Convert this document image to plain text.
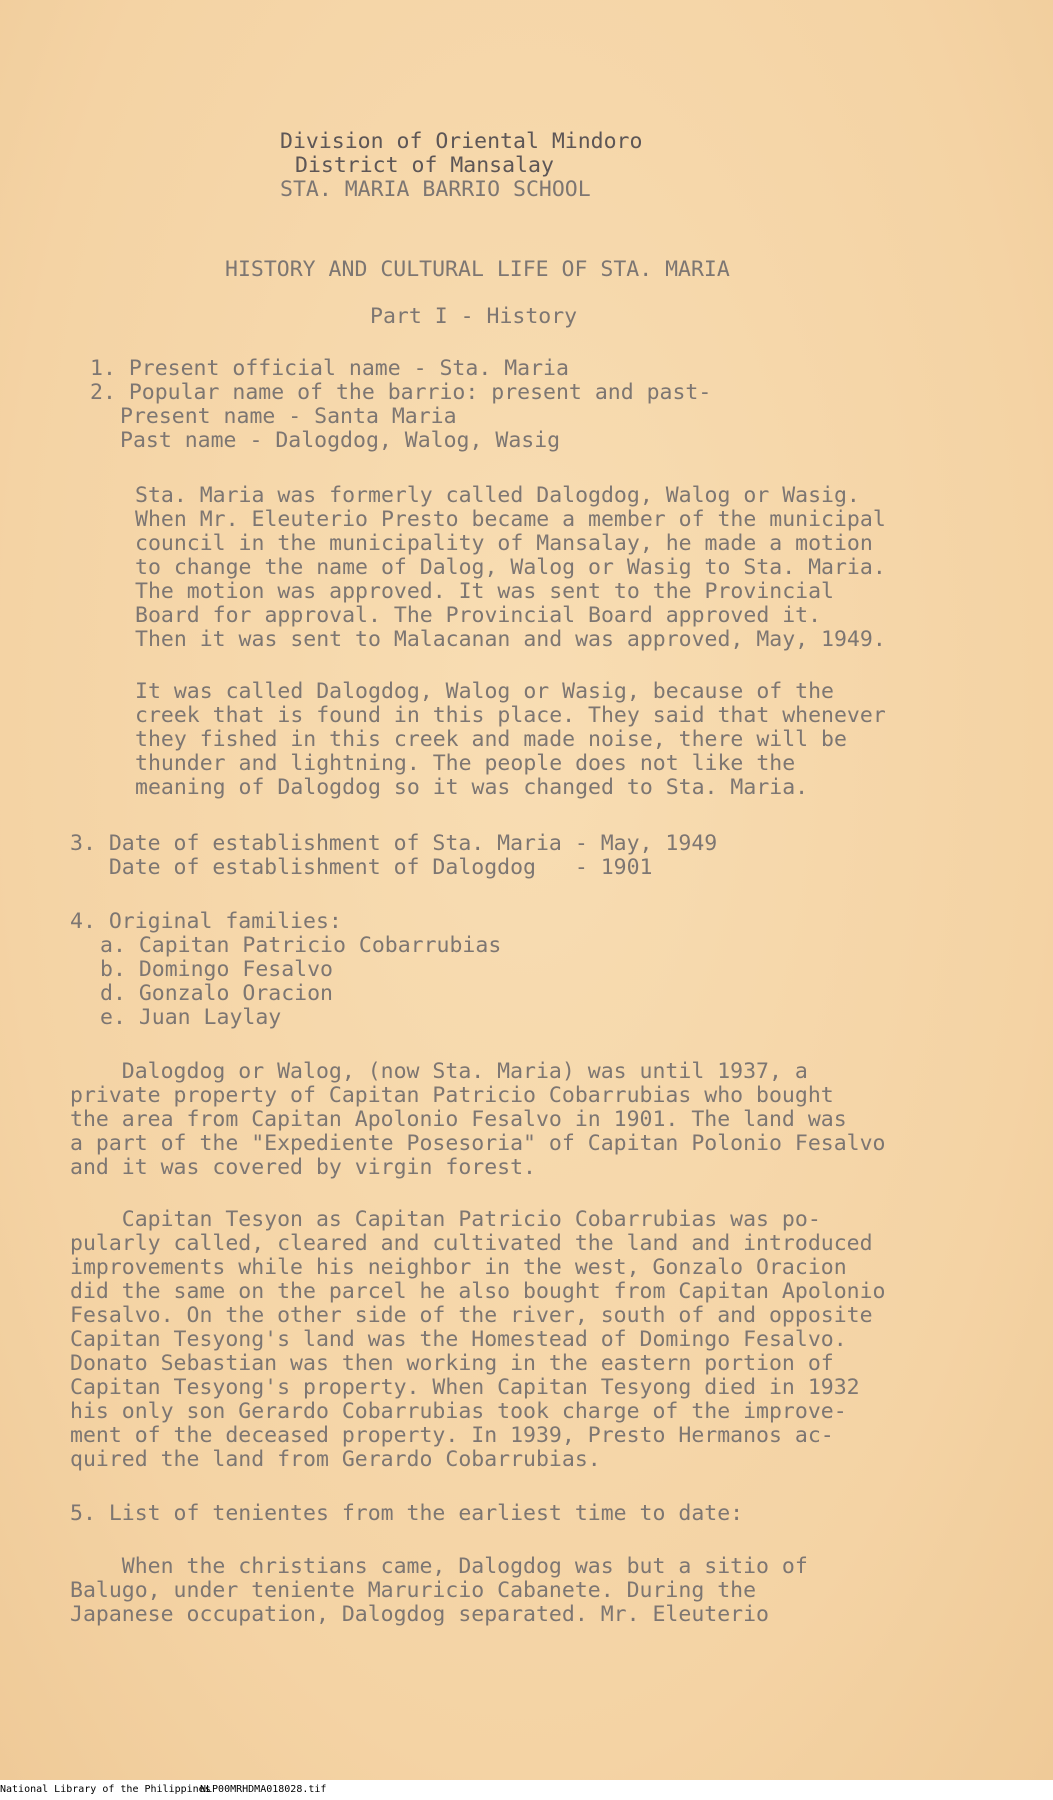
Division of Oriental Mindoro
District of Mansalay
STA. MARIA BARRIO SCHOOL
HISTORY AND CULTURAL LIFE OF STA. MARIA
Part I - History
1. Present official name - Sta. Maria
2. Popular name of the barrio: present and past-
Present name - Santa Maria
Past name - Dalogdog, Walog, Wasig
Sta. Maria was formerly called Dalogdog, Walog or Wasig.
When Mr. Eleuterio Presto became a member of the municipal
council in the municipality of Mansalay, he made a motion
to change the name of Dalog, Walog or Wasig to Sta. Maria.
The motion was approved. It was sent to the Provincial
Board for approval. The Provincial Board approved it.
Then it was sent to Malacanan and was approved, May, 1949.
It was called Dalogdog, Walog or Wasig, because of the
creek that is found in this place. They said that whenever
they fished in this creek and made noise, there will be
thunder and lightning. The people does not like the
meaning of Dalogdog so it was changed to Sta. Maria.
3. Date of establishment of Sta. Maria - May, 1949
Date of establishment of Dalogdog   - 1901
4. Original families:
a. Capitan Patricio Cobarrubias
b. Domingo Fesalvo
d. Gonzalo Oracion
e. Juan Laylay
Dalogdog or Walog, (now Sta. Maria) was until 1937, a
private property of Capitan Patricio Cobarrubias who bought
the area from Capitan Apolonio Fesalvo in 1901. The land was
a part of the "Expediente Posesoria" of Capitan Polonio Fesalvo
and it was covered by virgin forest.
Capitan Tesyon as Capitan Patricio Cobarrubias was po-
pularly called, cleared and cultivated the land and introduced
improvements while his neighbor in the west, Gonzalo Oracion
did the same on the parcel he also bought from Capitan Apolonio
Fesalvo. On the other side of the river, south of and opposite
Capitan Tesyong's land was the Homestead of Domingo Fesalvo.
Donato Sebastian was then working in the eastern portion of
Capitan Tesyong's property. When Capitan Tesyong died in 1932
his only son Gerardo Cobarrubias took charge of the improve-
ment of the deceased property. In 1939, Presto Hermanos ac-
quired the land from Gerardo Cobarrubias.
5. List of tenientes from the earliest time to date:
When the christians came, Dalogdog was but a sitio of
Balugo, under teniente Maruricio Cabanete. During the
Japanese occupation, Dalogdog separated. Mr. Eleuterio
National Library of the Philippines
NLP00MRHDMA018028.tif
